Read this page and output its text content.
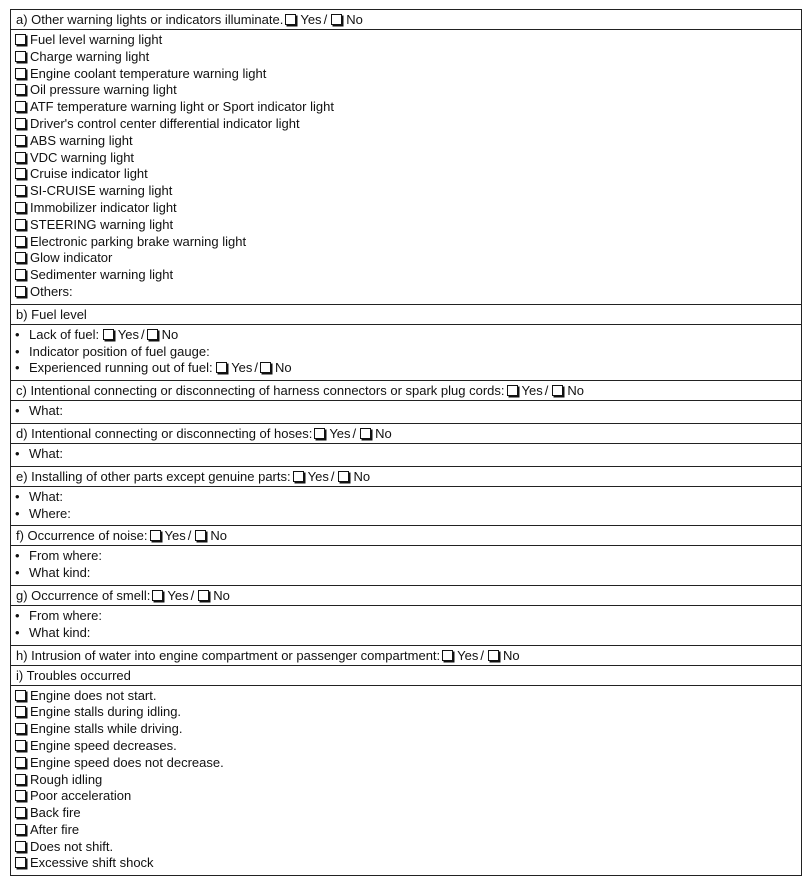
a) Other warning lights or indicators illuminate. Yes / No
Fuel level warning light
Charge warning light
Engine coolant temperature warning light
Oil pressure warning light
ATF temperature warning light or Sport indicator light
Driver's control center differential indicator light
ABS warning light
VDC warning light
Cruise indicator light
SI-CRUISE warning light
Immobilizer indicator light
STEERING warning light
Electronic parking brake warning light
Glow indicator
Sedimenter warning light
Others:
b) Fuel level
• Lack of fuel: Yes / No
• Indicator position of fuel gauge:
• Experienced running out of fuel: Yes / No
c) Intentional connecting or disconnecting of harness connectors or spark plug cords: Yes / No
• What:
d) Intentional connecting or disconnecting of hoses: Yes / No
• What:
e) Installing of other parts except genuine parts: Yes / No
• What:
• Where:
f) Occurrence of noise: Yes / No
• From where:
• What kind:
g) Occurrence of smell: Yes / No
• From where:
• What kind:
h) Intrusion of water into engine compartment or passenger compartment: Yes / No
i) Troubles occurred
Engine does not start.
Engine stalls during idling.
Engine stalls while driving.
Engine speed decreases.
Engine speed does not decrease.
Rough idling
Poor acceleration
Back fire
After fire
Does not shift.
Excessive shift shock
